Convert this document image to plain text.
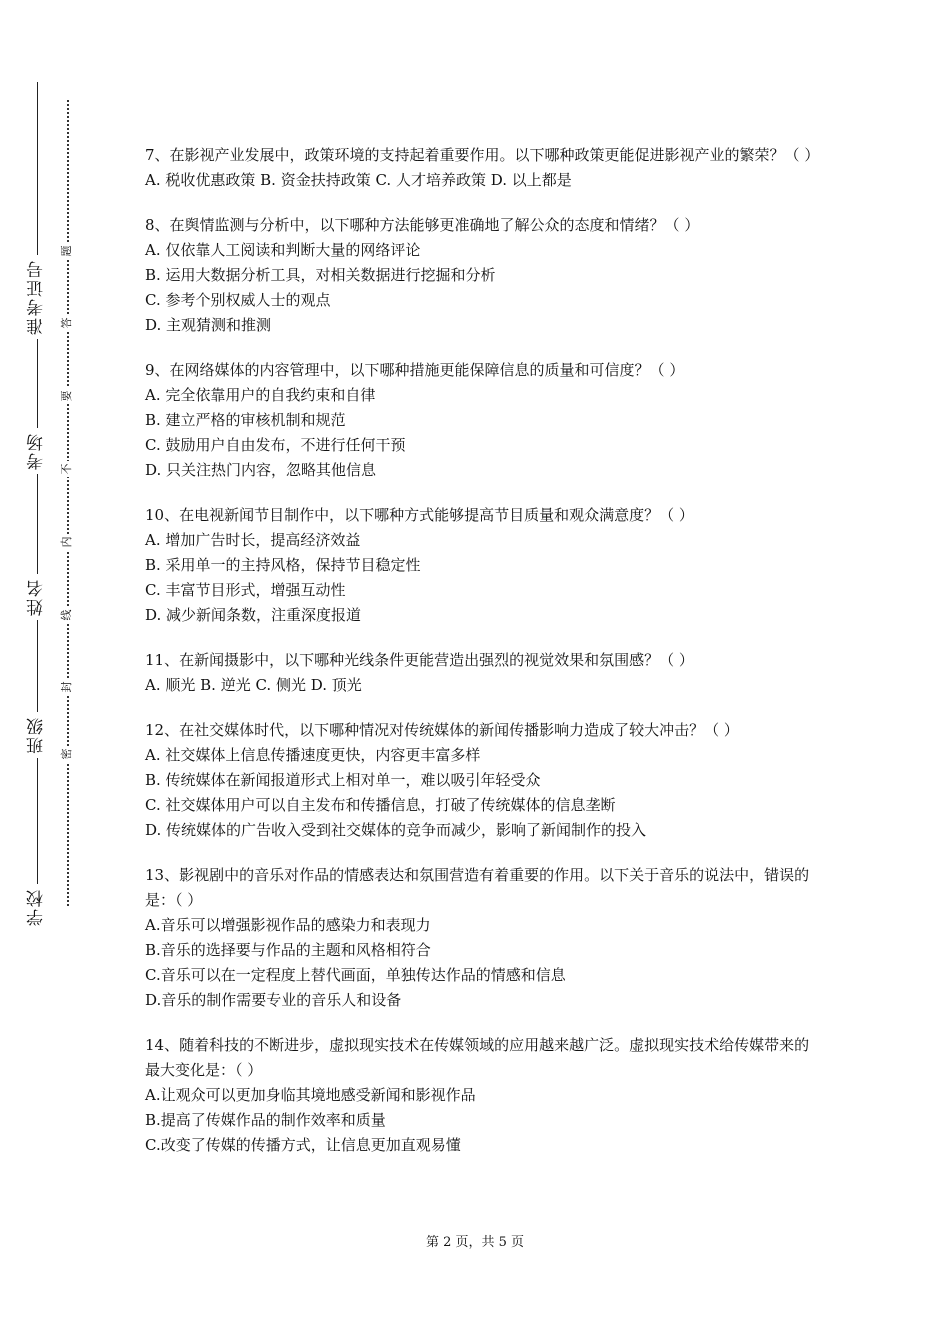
准考证号
考场
姓名
班级
学校
题
答
要
不
内
线
封
密
7、在影视产业发展中，政策环境的支持起着重要作用。以下哪种政策更能促进影视产业的繁荣？（ ）
A. 税收优惠政策 B. 资金扶持政策 C. 人才培养政策 D. 以上都是
8、在舆情监测与分析中，以下哪种方法能够更准确地了解公众的态度和情绪？（ ）
A. 仅依靠人工阅读和判断大量的网络评论
B. 运用大数据分析工具，对相关数据进行挖掘和分析
C. 参考个别权威人士的观点
D. 主观猜测和推测
9、在网络媒体的内容管理中，以下哪种措施更能保障信息的质量和可信度？（ ）
A. 完全依靠用户的自我约束和自律
B. 建立严格的审核机制和规范
C. 鼓励用户自由发布，不进行任何干预
D. 只关注热门内容，忽略其他信息
10、在电视新闻节目制作中，以下哪种方式能够提高节目质量和观众满意度？（ ）
A. 增加广告时长，提高经济效益
B. 采用单一的主持风格，保持节目稳定性
C. 丰富节目形式，增强互动性
D. 减少新闻条数，注重深度报道
11、在新闻摄影中，以下哪种光线条件更能营造出强烈的视觉效果和氛围感？（ ）
A. 顺光 B. 逆光 C. 侧光 D. 顶光
12、在社交媒体时代，以下哪种情况对传统媒体的新闻传播影响力造成了较大冲击？（ ）
A. 社交媒体上信息传播速度更快，内容更丰富多样
B. 传统媒体在新闻报道形式上相对单一，难以吸引年轻受众
C. 社交媒体用户可以自主发布和传播信息，打破了传统媒体的信息垄断
D. 传统媒体的广告收入受到社交媒体的竞争而减少，影响了新闻制作的投入
13、影视剧中的音乐对作品的情感表达和氛围营造有着重要的作用。以下关于音乐的说法中，错误的是：（ ）
A.音乐可以增强影视作品的感染力和表现力
B.音乐的选择要与作品的主题和风格相符合
C.音乐可以在一定程度上替代画面，单独传达作品的情感和信息
D.音乐的制作需要专业的音乐人和设备
14、随着科技的不断进步，虚拟现实技术在传媒领域的应用越来越广泛。虚拟现实技术给传媒带来的最大变化是：（ ）
A.让观众可以更加身临其境地感受新闻和影视作品
B.提高了传媒作品的制作效率和质量
C.改变了传媒的传播方式，让信息更加直观易懂
第 2 页，共 5 页
